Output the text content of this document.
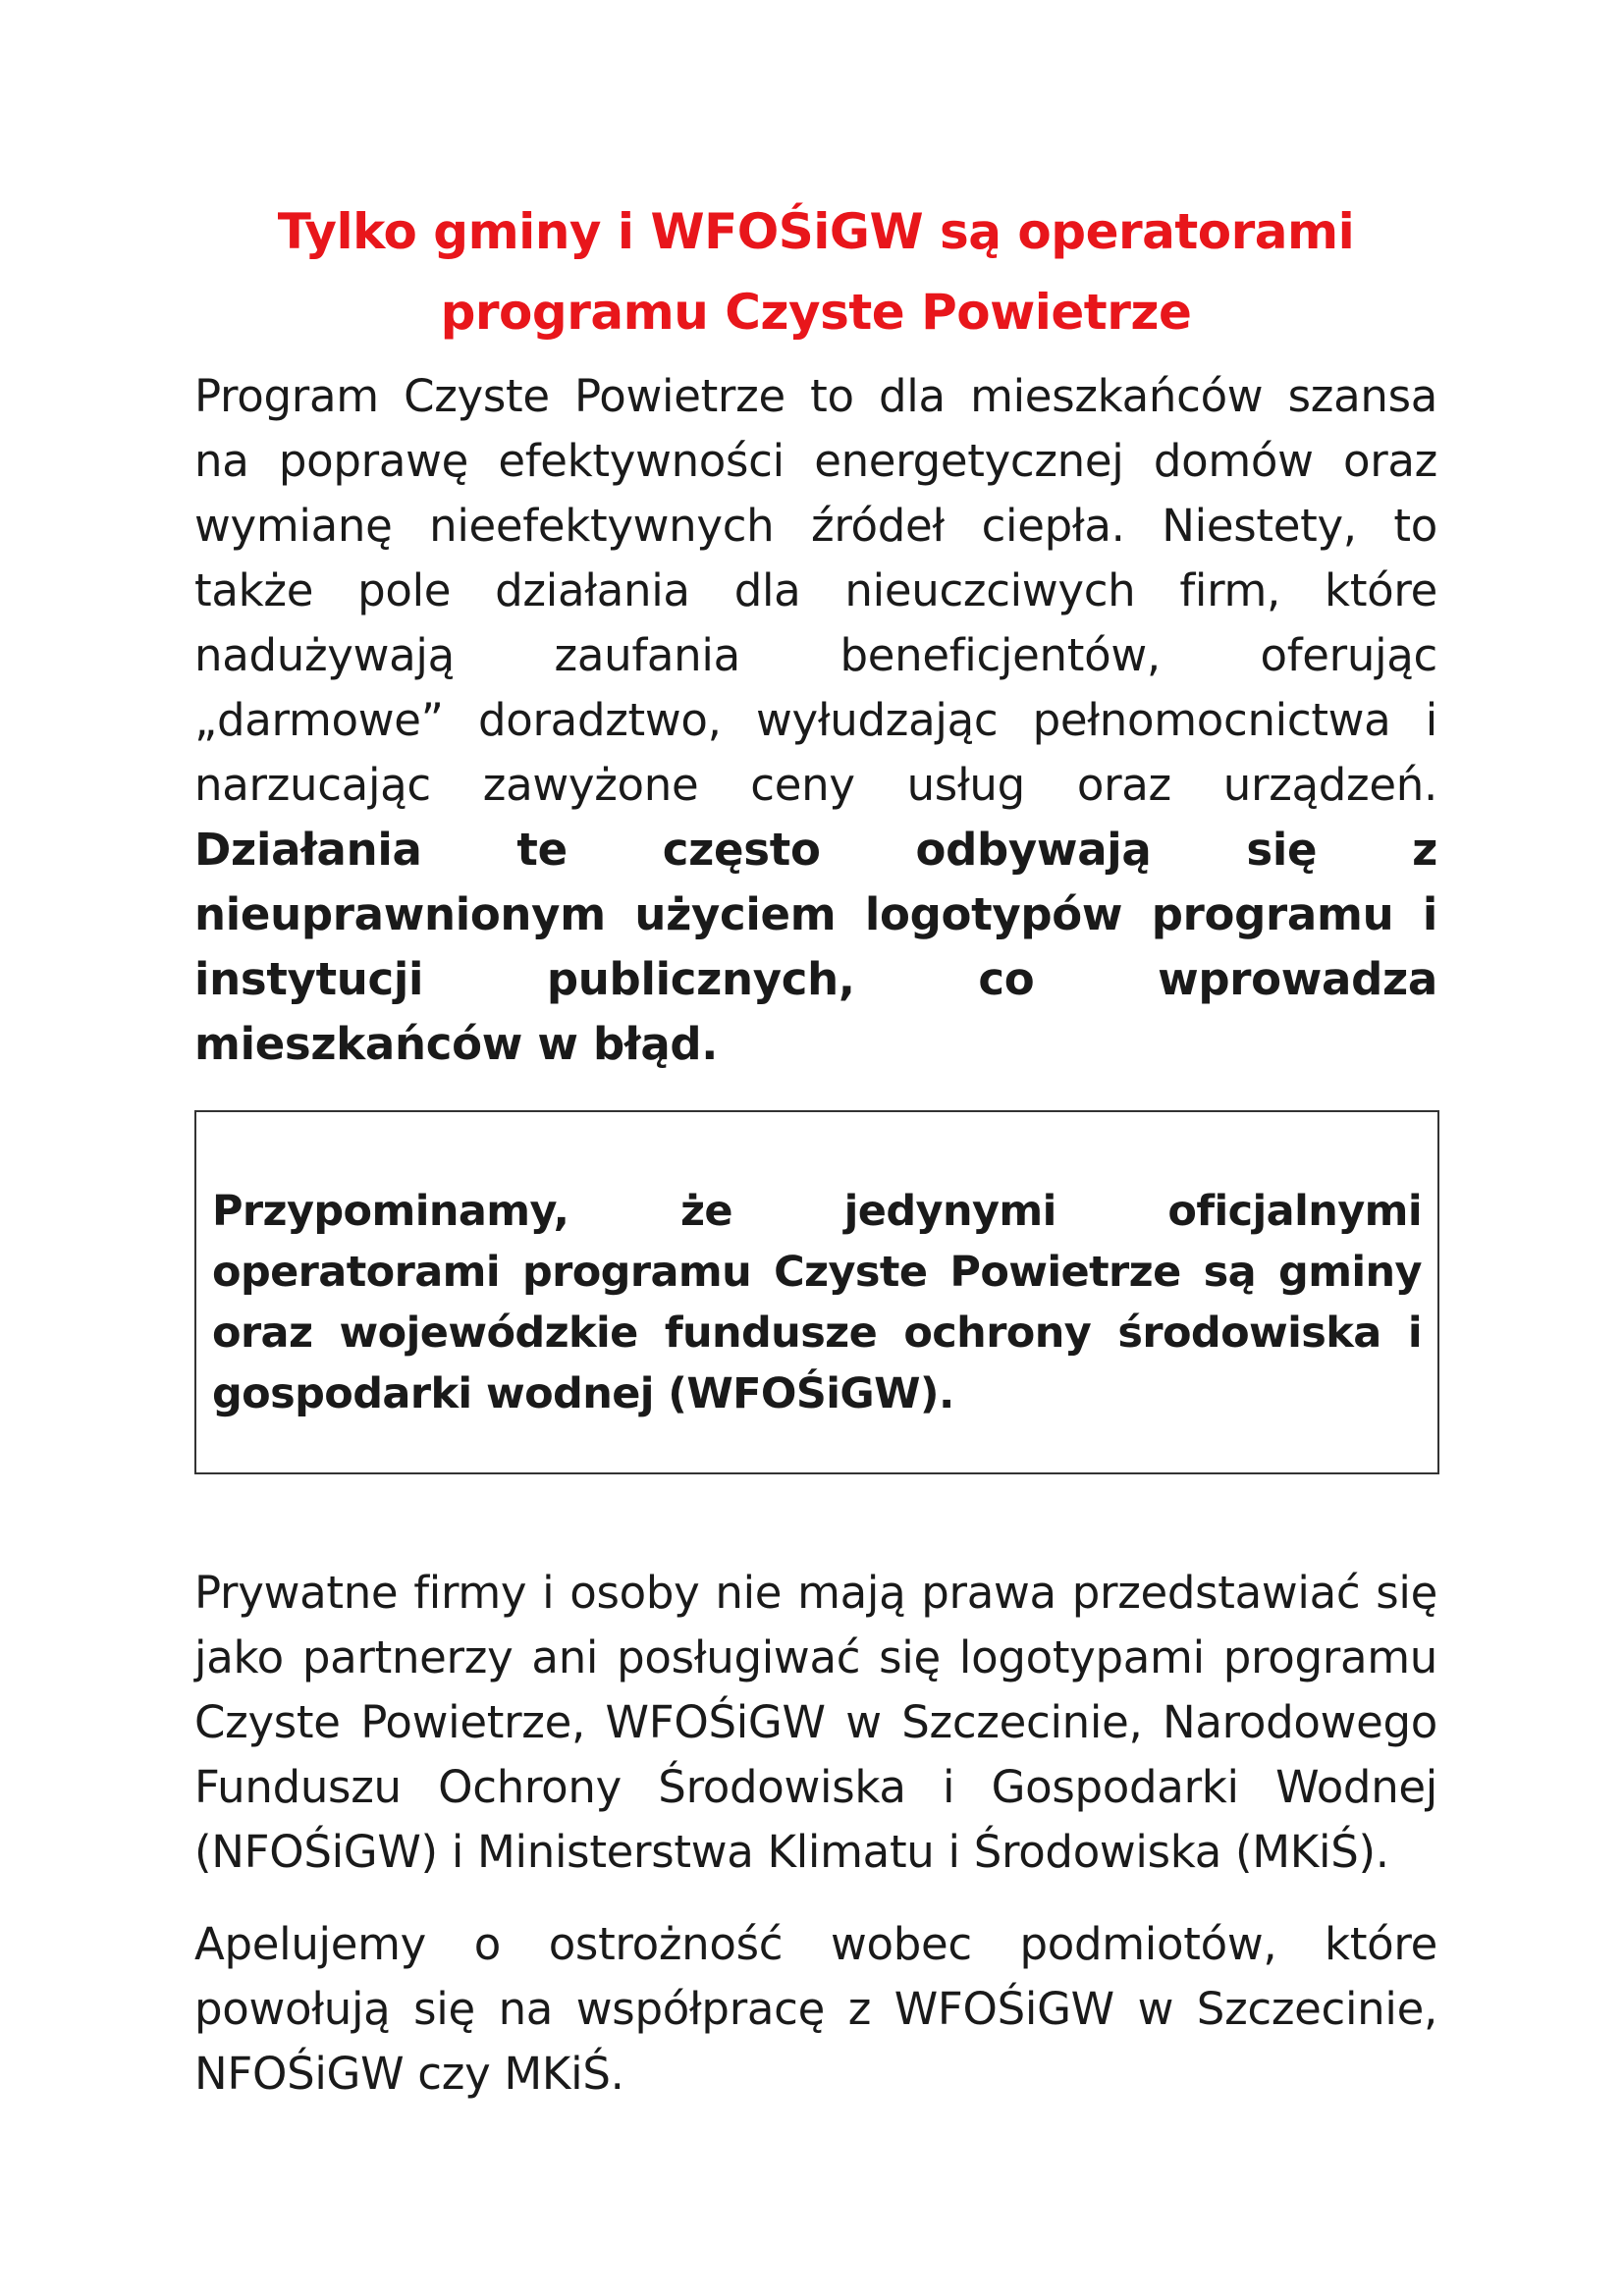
Tylko gminy i WFOŚiGW są operatorami
programu Czyste Powietrze

Program Czyste Powietrze to dla mieszkańców szansa na poprawę efektywności energetycznej domów oraz wymianę nieefektywnych źródeł ciepła. Niestety, to także pole działania dla nieuczciwych firm, które nadużywają zaufania beneficjentów, oferując „darmowe” doradztwo, wyłudzając pełnomocnictwa i narzucając zawyżone ceny usług oraz urządzeń. Działania te często odbywają się z nieuprawnionym użyciem logotypów programu i instytucji publicznych, co wprowadza mieszkańców w błąd.

Przypominamy, że jedynymi oficjalnymi operatorami programu Czyste Powietrze są gminy oraz wojewódzkie fundusze ochrony środowiska i gospodarki wodnej (WFOŚiGW).

Prywatne firmy i osoby nie mają prawa przedstawiać się jako partnerzy ani posługiwać się logotypami programu Czyste Powietrze, WFOŚiGW w Szczecinie, Narodowego Funduszu Ochrony Środowiska i Gospodarki Wodnej (NFOŚiGW) i Ministerstwa Klimatu i Środowiska (MKiŚ).

Apelujemy o ostrożność wobec podmiotów, które powołują się na współpracę z WFOŚiGW w Szczecinie, NFOŚiGW czy MKiŚ.
